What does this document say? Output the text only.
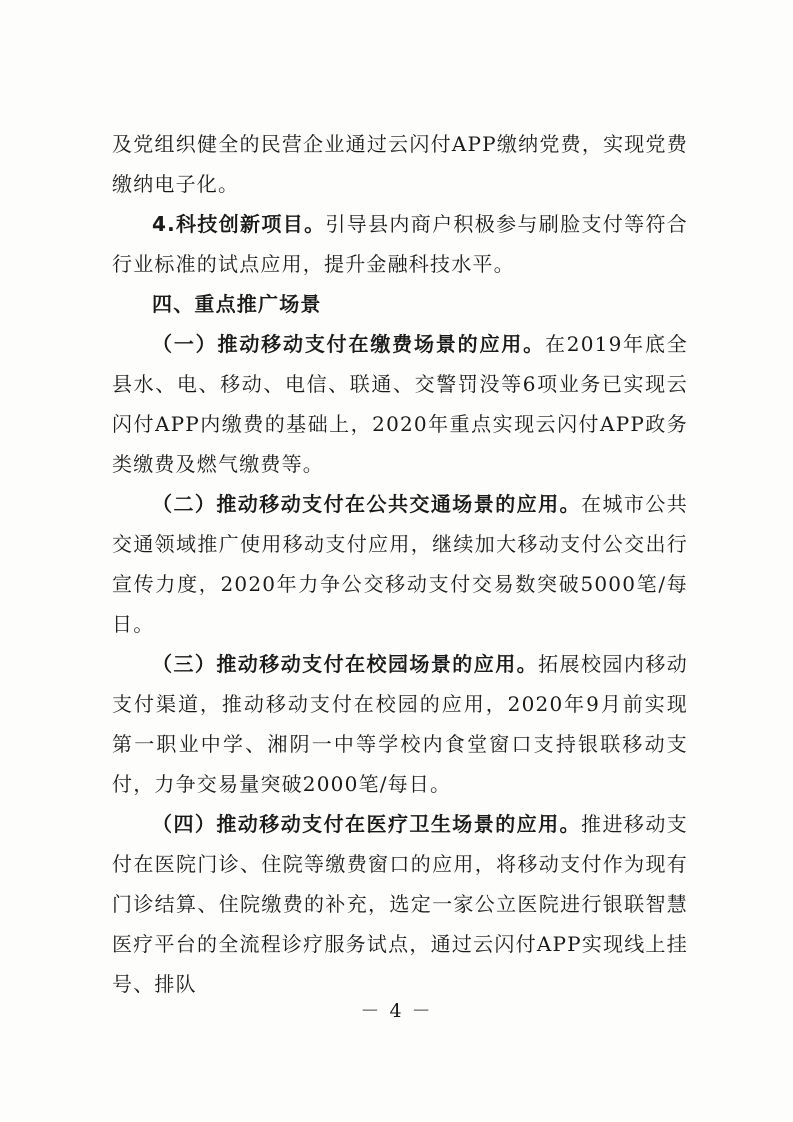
及党组织健全的民营企业通过云闪付APP缴纳党费，实现党费缴纳电子化。

4.科技创新项目。引导县内商户积极参与刷脸支付等符合行业标准的试点应用，提升金融科技水平。

四、重点推广场景

（一）推动移动支付在缴费场景的应用。在2019年底全县水、电、移动、电信、联通、交警罚没等6项业务已实现云闪付APP内缴费的基础上，2020年重点实现云闪付APP政务类缴费及燃气缴费等。

（二）推动移动支付在公共交通场景的应用。在城市公共交通领域推广使用移动支付应用，继续加大移动支付公交出行宣传力度，2020年力争公交移动支付交易数突破5000笔/每日。

（三）推动移动支付在校园场景的应用。拓展校园内移动支付渠道，推动移动支付在校园的应用，2020年9月前实现第一职业中学、湘阴一中等学校内食堂窗口支持银联移动支付，力争交易量突破2000笔/每日。

（四）推动移动支付在医疗卫生场景的应用。推进移动支付在医院门诊、住院等缴费窗口的应用，将移动支付作为现有门诊结算、住院缴费的补充，选定一家公立医院进行银联智慧医疗平台的全流程诊疗服务试点，通过云闪付APP实现线上挂号、排队

－ 4 －
